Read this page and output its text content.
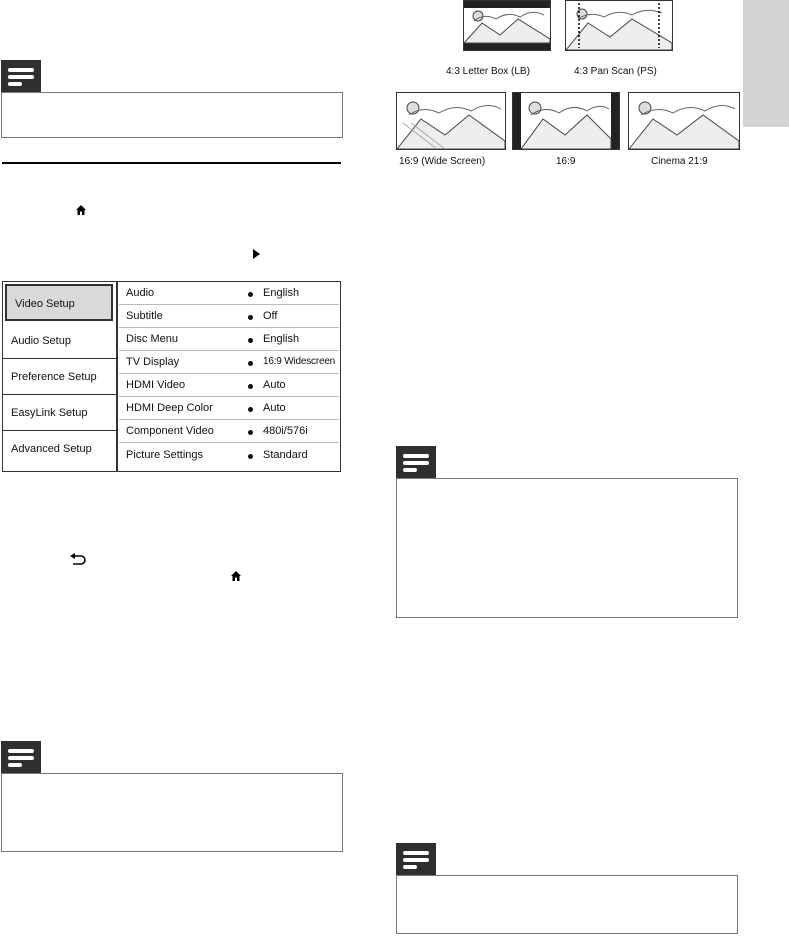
Video Setup
Audio Setup
Preference Setup
EasyLink Setup
Advanced Setup
Audio	English
Subtitle	Off
Disc Menu	English
TV Display	16:9 Widescreen
HDMI Video	Auto
HDMI Deep Color	Auto
Component Video	480i/576i
Picture Settings	Standard
4:3 Letter Box (LB)	4:3 Pan Scan (PS)
16:9 (Wide Screen)	16:9	Cinema 21:9
